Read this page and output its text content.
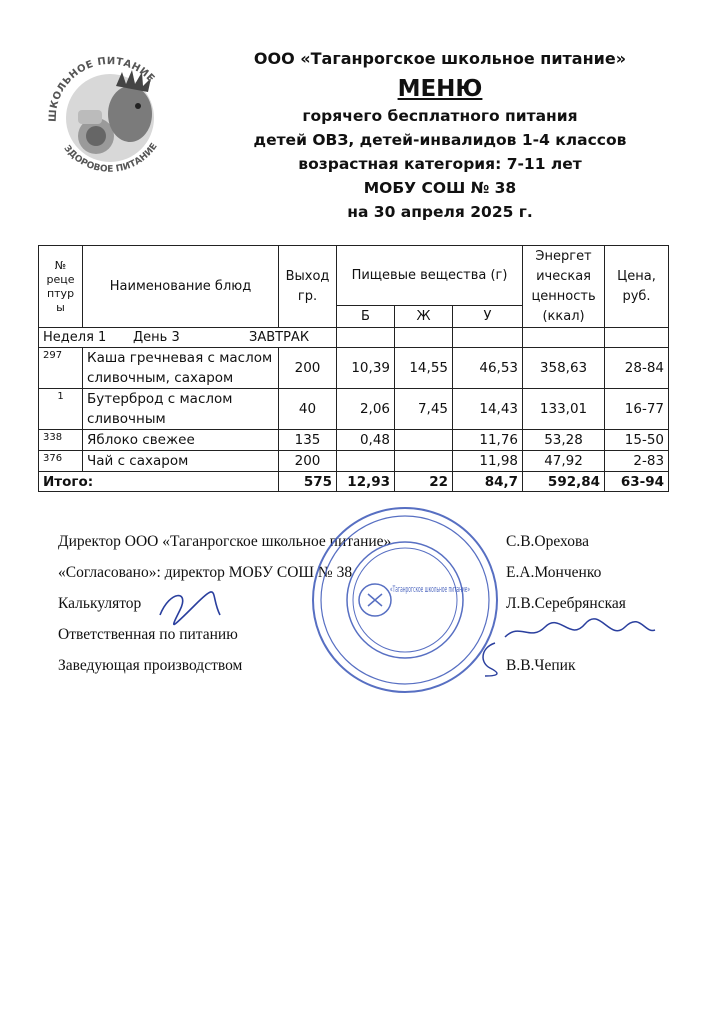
ШКОЛЬНОЕ ПИТАНИЕ
ЗДОРОВОЕ ПИТАНИЕ
ООО «Таганрогское школьное питание»
МЕНЮ
горячего бесплатного питания
детей ОВЗ, детей-инвалидов 1-4 классов
возрастная категория: 7-11 лет
МОБУ СОШ № 38
на 30 апреля 2025 г.
№ реце птур ы	Наименование блюд	Выход гр.	Пищевые вещества (г)			Энергет ическая ценность (ккал)	Цена, руб.
			Б	Ж	У		
Неделя 1 День 3 ЗАВТРАК							
297	Каша гречневая с маслом сливочным, сахаром	200	10,39	14,55	46,53	358,63	28-84
1	Бутерброд с маслом сливочным	40	2,06	7,45	14,43	133,01	16-77
338	Яблоко свежее	135	0,48		11,76	53,28	15-50
376	Чай с сахаром	200			11,98	47,92	2-83
Итого:		575	12,93	22	84,7	592,84	63-94
Директор ООО «Таганрогское школьное питание»	С.В.Орехова
«Согласовано»: директор МОБУ СОШ № 38	Е.А.Монченко
Калькулятор	Л.В.Серебрянская
Ответственная по питанию
Заведующая производством	В.В.Чепик
«Таганрогское школьное питание»
